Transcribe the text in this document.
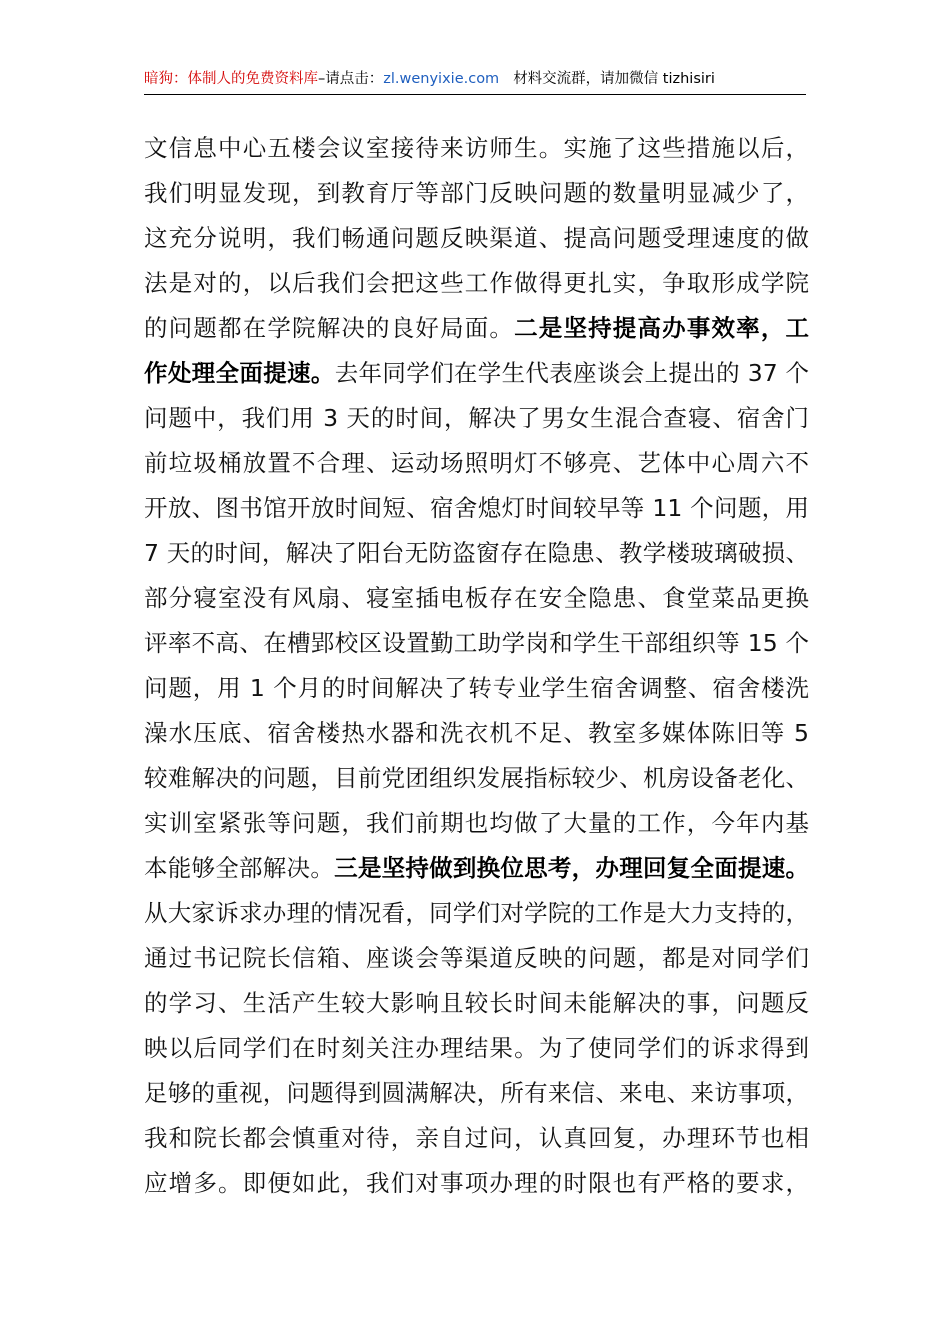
暗狗：体制人的免费资料库–请点击：zl.wenyixie.com 材料交流群，请加微信 tizhisiri
文信息中心五楼会议室接待来访师生。实施了这些措施以后，
我们明显发现，到教育厅等部门反映问题的数量明显减少了，
这充分说明，我们畅通问题反映渠道、提高问题受理速度的做
法是对的，以后我们会把这些工作做得更扎实，争取形成学院
的问题都在学院解决的良好局面。二是坚持提高办事效率，工
作处理全面提速。去年同学们在学生代表座谈会上提出的 37 个
问题中，我们用 3 天的时间，解决了男女生混合查寝、宿舍门
前垃圾桶放置不合理、运动场照明灯不够亮、艺体中心周六不
开放、图书馆开放时间短、宿舍熄灯时间较早等 11 个问题，用
7 天的时间，解决了阳台无防盗窗存在隐患、教学楼玻璃破损、
部分寝室没有风扇、寝室插电板存在安全隐患、食堂菜品更换
评率不高、在槽郢校区设置勤工助学岗和学生干部组织等 15 个
问题，用 1 个月的时间解决了转专业学生宿舍调整、宿舍楼洗
澡水压底、宿舍楼热水器和洗衣机不足、教室多媒体陈旧等 5
较难解决的问题，目前党团组织发展指标较少、机房设备老化、
实训室紧张等问题，我们前期也均做了大量的工作，今年内基
本能够全部解决。三是坚持做到换位思考，办理回复全面提速。
从大家诉求办理的情况看，同学们对学院的工作是大力支持的，
通过书记院长信箱、座谈会等渠道反映的问题，都是对同学们
的学习、生活产生较大影响且较长时间未能解决的事，问题反
映以后同学们在时刻关注办理结果。为了使同学们的诉求得到
足够的重视，问题得到圆满解决，所有来信、来电、来访事项，
我和院长都会慎重对待，亲自过问，认真回复，办理环节也相
应增多。即便如此，我们对事项办理的时限也有严格的要求，
